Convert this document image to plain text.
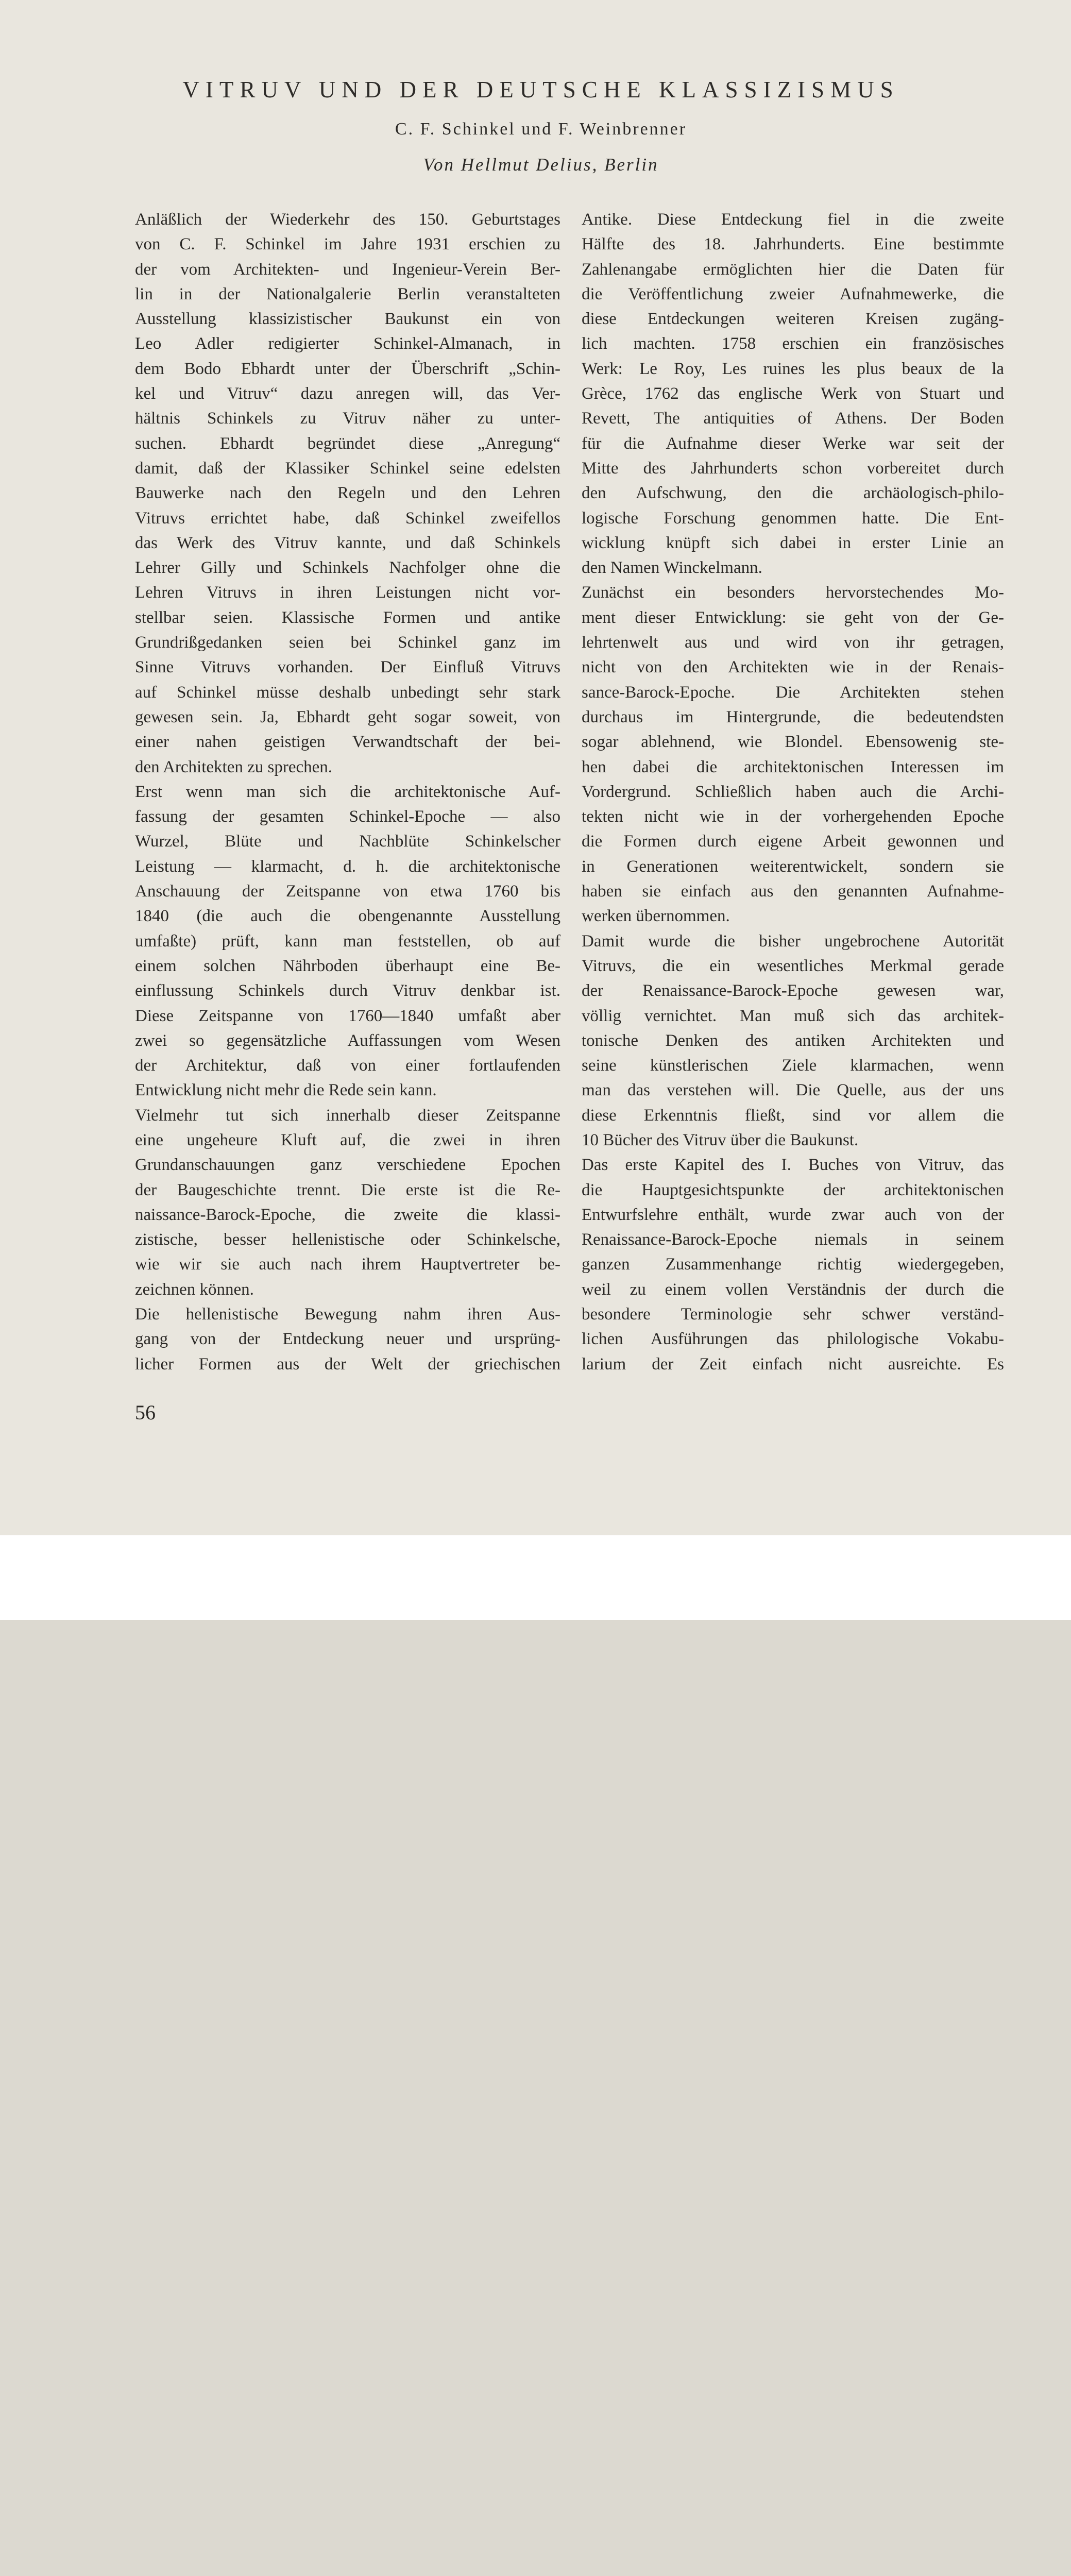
VITRUV UND DER DEUTSCHE KLASSIZISMUS
C. F. Schinkel und F. Weinbrenner
Von Hellmut Delius, Berlin
Anläßlich der Wiederkehr des 150. Geburtstages
von C. F. Schinkel im Jahre 1931 erschien zu
der vom Architekten- und Ingenieur-Verein Ber-
lin in der Nationalgalerie Berlin veranstalteten
Ausstellung klassizistischer Baukunst ein von
Leo Adler redigierter Schinkel-Almanach, in
dem Bodo Ebhardt unter der Überschrift „Schin-
kel und Vitruv“ dazu anregen will, das Ver-
hältnis Schinkels zu Vitruv näher zu unter-
suchen. Ebhardt begründet diese „Anregung“
damit, daß der Klassiker Schinkel seine edelsten
Bauwerke nach den Regeln und den Lehren
Vitruvs errichtet habe, daß Schinkel zweifellos
das Werk des Vitruv kannte, und daß Schinkels
Lehrer Gilly und Schinkels Nachfolger ohne die
Lehren Vitruvs in ihren Leistungen nicht vor-
stellbar seien. Klassische Formen und antike
Grundrißgedanken seien bei Schinkel ganz im
Sinne Vitruvs vorhanden. Der Einfluß Vitruvs
auf Schinkel müsse deshalb unbedingt sehr stark
gewesen sein. Ja, Ebhardt geht sogar soweit, von
einer nahen geistigen Verwandtschaft der bei-
den Architekten zu sprechen.
Erst wenn man sich die architektonische Auf-
fassung der gesamten Schinkel-Epoche — also
Wurzel, Blüte und Nachblüte Schinkelscher
Leistung — klarmacht, d. h. die architektonische
Anschauung der Zeitspanne von etwa 1760 bis
1840 (die auch die obengenannte Ausstellung
umfaßte) prüft, kann man feststellen, ob auf
einem solchen Nährboden überhaupt eine Be-
einflussung Schinkels durch Vitruv denkbar ist.
Diese Zeitspanne von 1760—1840 umfaßt aber
zwei so gegensätzliche Auffassungen vom Wesen
der Architektur, daß von einer fortlaufenden
Entwicklung nicht mehr die Rede sein kann.
Vielmehr tut sich innerhalb dieser Zeitspanne
eine ungeheure Kluft auf, die zwei in ihren
Grundanschauungen ganz verschiedene Epochen
der Baugeschichte trennt. Die erste ist die Re-
naissance-Barock-Epoche, die zweite die klassi-
zistische, besser hellenistische oder Schinkelsche,
wie wir sie auch nach ihrem Hauptvertreter be-
zeichnen können.
Die hellenistische Bewegung nahm ihren Aus-
gang von der Entdeckung neuer und ursprüng-
licher Formen aus der Welt der griechischen
Antike. Diese Entdeckung fiel in die zweite
Hälfte des 18. Jahrhunderts. Eine bestimmte
Zahlenangabe ermöglichten hier die Daten für
die Veröffentlichung zweier Aufnahmewerke, die
diese Entdeckungen weiteren Kreisen zugäng-
lich machten. 1758 erschien ein französisches
Werk: Le Roy, Les ruines les plus beaux de la
Grèce, 1762 das englische Werk von Stuart und
Revett, The antiquities of Athens. Der Boden
für die Aufnahme dieser Werke war seit der
Mitte des Jahrhunderts schon vorbereitet durch
den Aufschwung, den die archäologisch-philo-
logische Forschung genommen hatte. Die Ent-
wicklung knüpft sich dabei in erster Linie an
den Namen Winckelmann.
Zunächst ein besonders hervorstechendes Mo-
ment dieser Entwicklung: sie geht von der Ge-
lehrtenwelt aus und wird von ihr getragen,
nicht von den Architekten wie in der Renais-
sance-Barock-Epoche. Die Architekten stehen
durchaus im Hintergrunde, die bedeutendsten
sogar ablehnend, wie Blondel. Ebensowenig ste-
hen dabei die architektonischen Interessen im
Vordergrund. Schließlich haben auch die Archi-
tekten nicht wie in der vorhergehenden Epoche
die Formen durch eigene Arbeit gewonnen und
in Generationen weiterentwickelt, sondern sie
haben sie einfach aus den genannten Aufnahme-
werken übernommen.
Damit wurde die bisher ungebrochene Autorität
Vitruvs, die ein wesentliches Merkmal gerade
der Renaissance-Barock-Epoche gewesen war,
völlig vernichtet. Man muß sich das architek-
tonische Denken des antiken Architekten und
seine künstlerischen Ziele klarmachen, wenn
man das verstehen will. Die Quelle, aus der uns
diese Erkenntnis fließt, sind vor allem die
10 Bücher des Vitruv über die Baukunst.
Das erste Kapitel des I. Buches von Vitruv, das
die Hauptgesichtspunkte der architektonischen
Entwurfslehre enthält, wurde zwar auch von der
Renaissance-Barock-Epoche niemals in seinem
ganzen Zusammenhange richtig wiedergegeben,
weil zu einem vollen Verständnis der durch die
besondere Terminologie sehr schwer verständ-
lichen Ausführungen das philologische Vokabu-
larium der Zeit einfach nicht ausreichte. Es
56
